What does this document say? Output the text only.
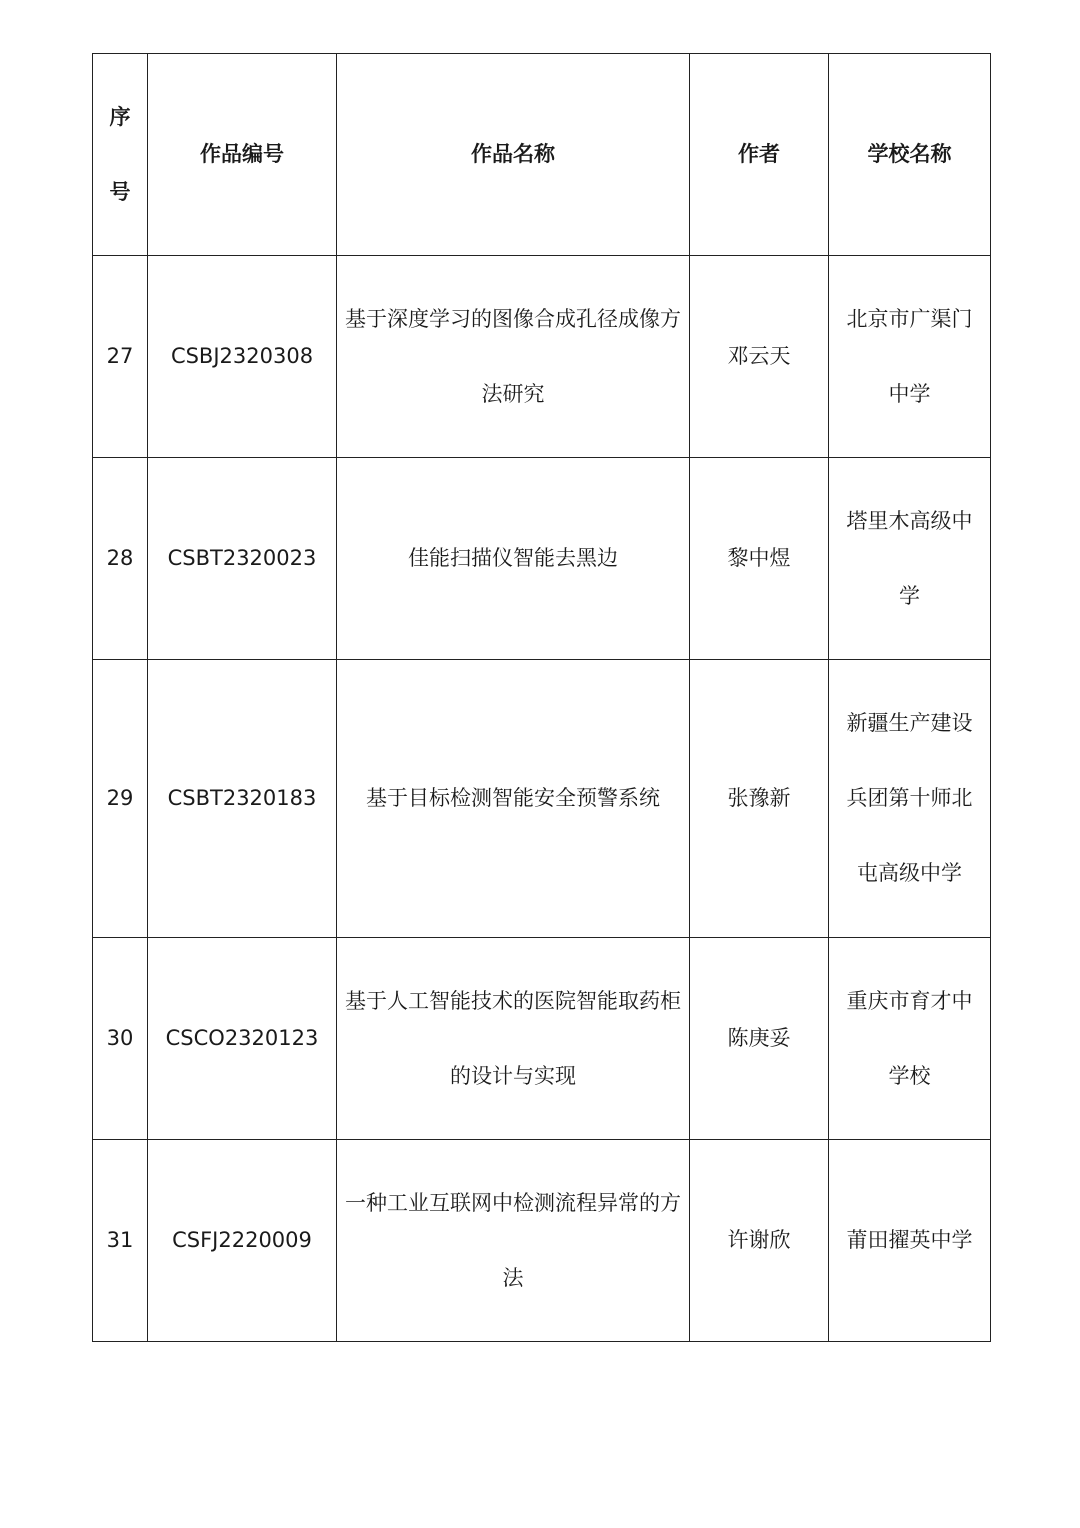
序号	作品编号	作品名称	作者	学校名称
27	CSBJ2320308	基于深度学习的图像合成孔径成像方法研究	邓云天	北京市广渠门中学
28	CSBT2320023	佳能扫描仪智能去黑边	黎中煜	塔里木高级中学
29	CSBT2320183	基于目标检测智能安全预警系统	张豫新	新疆生产建设兵团第十师北屯高级中学
30	CSCO2320123	基于人工智能技术的医院智能取药柜的设计与实现	陈庚妥	重庆市育才中学校
31	CSFJ2220009	一种工业互联网中检测流程异常的方法	许谢欣	莆田擢英中学
